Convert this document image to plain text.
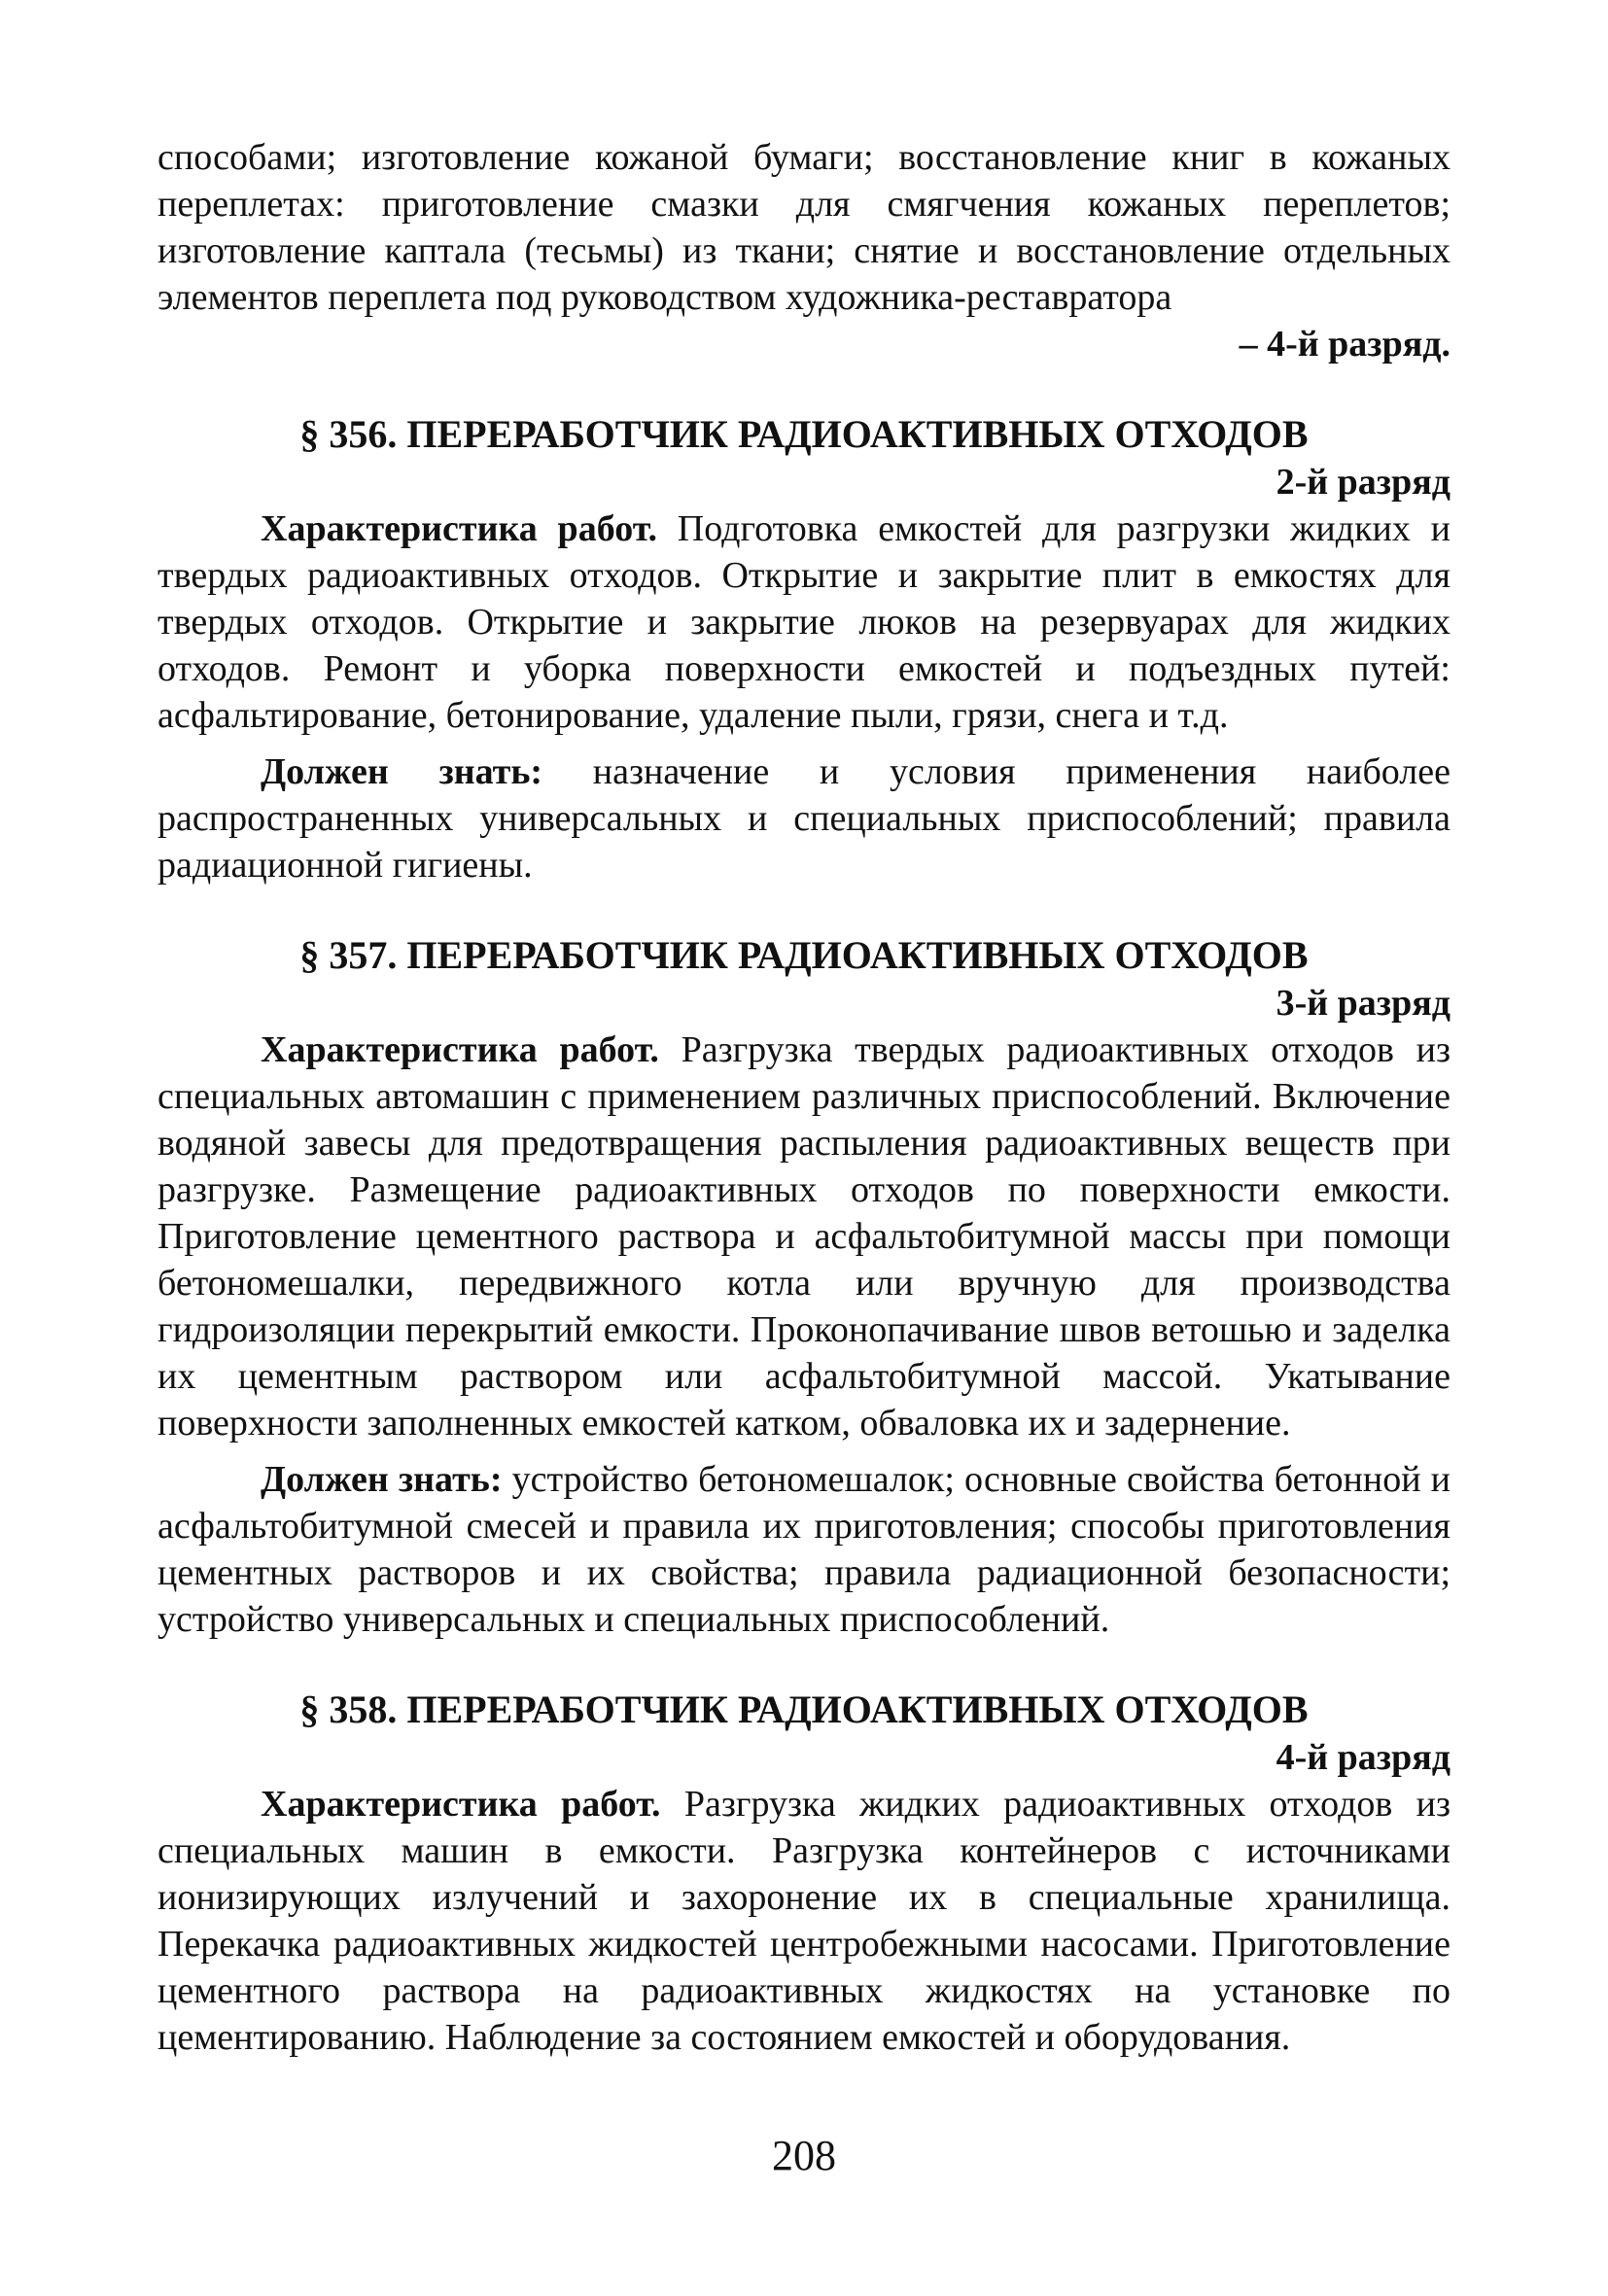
способами; изготовление кожаной бумаги; восстановление книг в кожаных переплетах: приготовление смазки для смягчения кожаных переплетов; изготовление каптала (тесьмы) из ткани; снятие и восстановление отдельных элементов переплета под руководством художника-реставратора

– 4-й разряд.

§ 356. ПЕРЕРАБОТЧИК РАДИОАКТИВНЫХ ОТХОДОВ

2-й разряд

Характеристика работ. Подготовка емкостей для разгрузки жидких и твердых радиоактивных отходов. Открытие и закрытие плит в емкостях для твердых отходов. Открытие и закрытие люков на резервуарах для жидких отходов. Ремонт и уборка поверхности емкостей и подъездных путей: асфальтирование, бетонирование, удаление пыли, грязи, снега и т.д.

Должен знать: назначение и условия применения наиболее распространенных универсальных и специальных приспособлений; правила радиационной гигиены.

§ 357. ПЕРЕРАБОТЧИК РАДИОАКТИВНЫХ ОТХОДОВ

3-й разряд

Характеристика работ. Разгрузка твердых радиоактивных отходов из специальных автомашин с применением различных приспособлений. Включение водяной завесы для предотвращения распыления радиоактивных веществ при разгрузке. Размещение радиоактивных отходов по поверхности емкости. Приготовление цементного раствора и асфальтобитумной массы при помощи бетономешалки, передвижного котла или вручную для производства гидроизоляции перекрытий емкости. Проконопачивание швов ветошью и заделка их цементным раствором или асфальтобитумной массой. Укатывание поверхности заполненных емкостей катком, обваловка их и задернение.

Должен знать: устройство бетономешалок; основные свойства бетонной и асфальтобитумной смесей и правила их приготовления; способы приготовления цементных растворов и их свойства; правила радиационной безопасности; устройство универсальных и специальных приспособлений.

§ 358. ПЕРЕРАБОТЧИК РАДИОАКТИВНЫХ ОТХОДОВ

4-й разряд

Характеристика работ. Разгрузка жидких радиоактивных отходов из специальных машин в емкости. Разгрузка контейнеров с источниками ионизирующих излучений и захоронение их в специальные хранилища. Перекачка радиоактивных жидкостей центробежными насосами. Приготовление цементного раствора на радиоактивных жидкостях на установке по цементированию. Наблюдение за состоянием емкостей и оборудования.

208
